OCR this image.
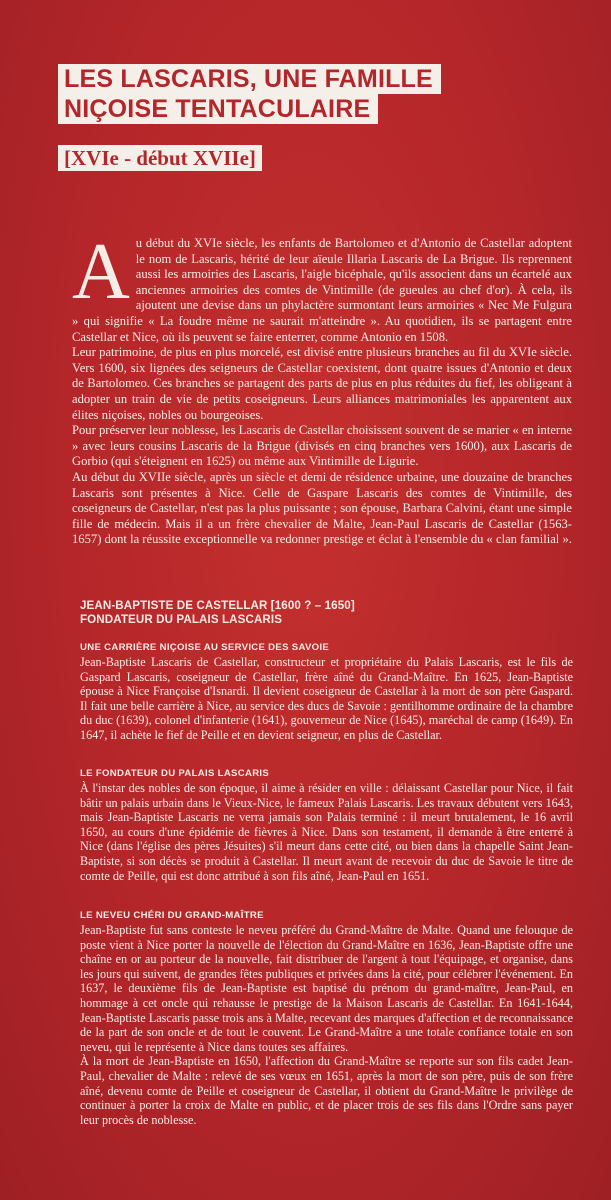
LES LASCARIS, UNE FAMILLE
NIÇOISE TENTACULAIRE
[XVIe - début XVIIe]
A u début du XVIe siècle, les enfants de Bartolomeo et d'Antonio de Castellar adoptent le nom de Lascaris, hérité de leur aïeule Illaria Lascaris de La Brigue. Ils reprennent aussi les armoiries des Lascaris, l'aigle bicéphale, qu'ils associent dans un écartelé aux anciennes armoiries des comtes de Vintimille (de gueules au chef d'or). À cela, ils ajoutent une devise dans un phylactère surmontant leurs armoiries « Nec Me Fulgura » qui signifie « La foudre même ne saurait m'atteindre ». Au quotidien, ils se partagent entre Castellar et Nice, où ils peuvent se faire enterrer, comme Antonio en 1508.

Leur patrimoine, de plus en plus morcelé, est divisé entre plusieurs branches au fil du XVIe siècle. Vers 1600, six lignées des seigneurs de Castellar coexistent, dont quatre issues d'Antonio et deux de Bartolomeo. Ces branches se partagent des parts de plus en plus réduites du fief, les obligeant à adopter un train de vie de petits coseigneurs. Leurs alliances matrimoniales les apparentent aux élites niçoises, nobles ou bourgeoises.

Pour préserver leur noblesse, les Lascaris de Castellar choisissent souvent de se marier « en interne » avec leurs cousins Lascaris de la Brigue (divisés en cinq branches vers 1600), aux Lascaris de Gorbio (qui s'éteignent en 1625) ou même aux Vintimille de Ligurie.

Au début du XVIIe siècle, après un siècle et demi de résidence urbaine, une douzaine de branches Lascaris sont présentes à Nice. Celle de Gaspare Lascaris des comtes de Vintimille, des coseigneurs de Castellar, n'est pas la plus puissante ; son épouse, Barbara Calvini, étant une simple fille de médecin. Mais il a un frère chevalier de Malte, Jean-Paul Lascaris de Castellar (1563-1657) dont la réussite exceptionnelle va redonner prestige et éclat à l'ensemble du « clan familial ».

JEAN-BAPTISTE DE CASTELLAR [1600 ? – 1650]
FONDATEUR DU PALAIS LASCARIS
UNE CARRIÈRE NIÇOISE AU SERVICE DES SAVOIE

Jean-Baptiste Lascaris de Castellar, constructeur et propriétaire du Palais Lascaris, est le fils de Gaspard Lascaris, coseigneur de Castellar, frère aîné du Grand-Maître. En 1625, Jean-Baptiste épouse à Nice Françoise d'Isnardi. Il devient coseigneur de Castellar à la mort de son père Gaspard. Il fait une belle carrière à Nice, au service des ducs de Savoie : gentilhomme ordinaire de la chambre du duc (1639), colonel d'infanterie (1641), gouverneur de Nice (1645), maréchal de camp (1649). En 1647, il achète le fief de Peille et en devient seigneur, en plus de Castellar.

LE FONDATEUR DU PALAIS LASCARIS

À l'instar des nobles de son époque, il aime à résider en ville : délaissant Castellar pour Nice, il fait bâtir un palais urbain dans le Vieux-Nice, le fameux Palais Lascaris. Les travaux débutent vers 1643, mais Jean-Baptiste Lascaris ne verra jamais son Palais terminé : il meurt brutalement, le 16 avril 1650, au cours d'une épidémie de fièvres à Nice. Dans son testament, il demande à être enterré à Nice (dans l'église des pères Jésuites) s'il meurt dans cette cité, ou bien dans la chapelle Saint Jean-Baptiste, si son décès se produit à Castellar. Il meurt avant de recevoir du duc de Savoie le titre de comte de Peille, qui est donc attribué à son fils aîné, Jean-Paul en 1651.

LE NEVEU CHÉRI DU GRAND-MAÎTRE

Jean-Baptiste fut sans conteste le neveu préféré du Grand-Maître de Malte. Quand une felouque de poste vient à Nice porter la nouvelle de l'élection du Grand-Maître en 1636, Jean-Baptiste offre une chaîne en or au porteur de la nouvelle, fait distribuer de l'argent à tout l'équipage, et organise, dans les jours qui suivent, de grandes fêtes publiques et privées dans la cité, pour célébrer l'événement. En 1637, le deuxième fils de Jean-Baptiste est baptisé du prénom du grand-maître, Jean-Paul, en hommage à cet oncle qui rehausse le prestige de la Maison Lascaris de Castellar. En 1641-1644, Jean-Baptiste Lascaris passe trois ans à Malte, recevant des marques d'affection et de reconnaissance de la part de son oncle et de tout le couvent. Le Grand-Maître a une totale confiance totale en son neveu, qui le représente à Nice dans toutes ses affaires.

À la mort de Jean-Baptiste en 1650, l'affection du Grand-Maître se reporte sur son fils cadet Jean-Paul, chevalier de Malte : relevé de ses vœux en 1651, après la mort de son père, puis de son frère aîné, devenu comte de Peille et coseigneur de Castellar, il obtient du Grand-Maître le privilège de continuer à porter la croix de Malte en public, et de placer trois de ses fils dans l'Ordre sans payer leur procès de noblesse.
